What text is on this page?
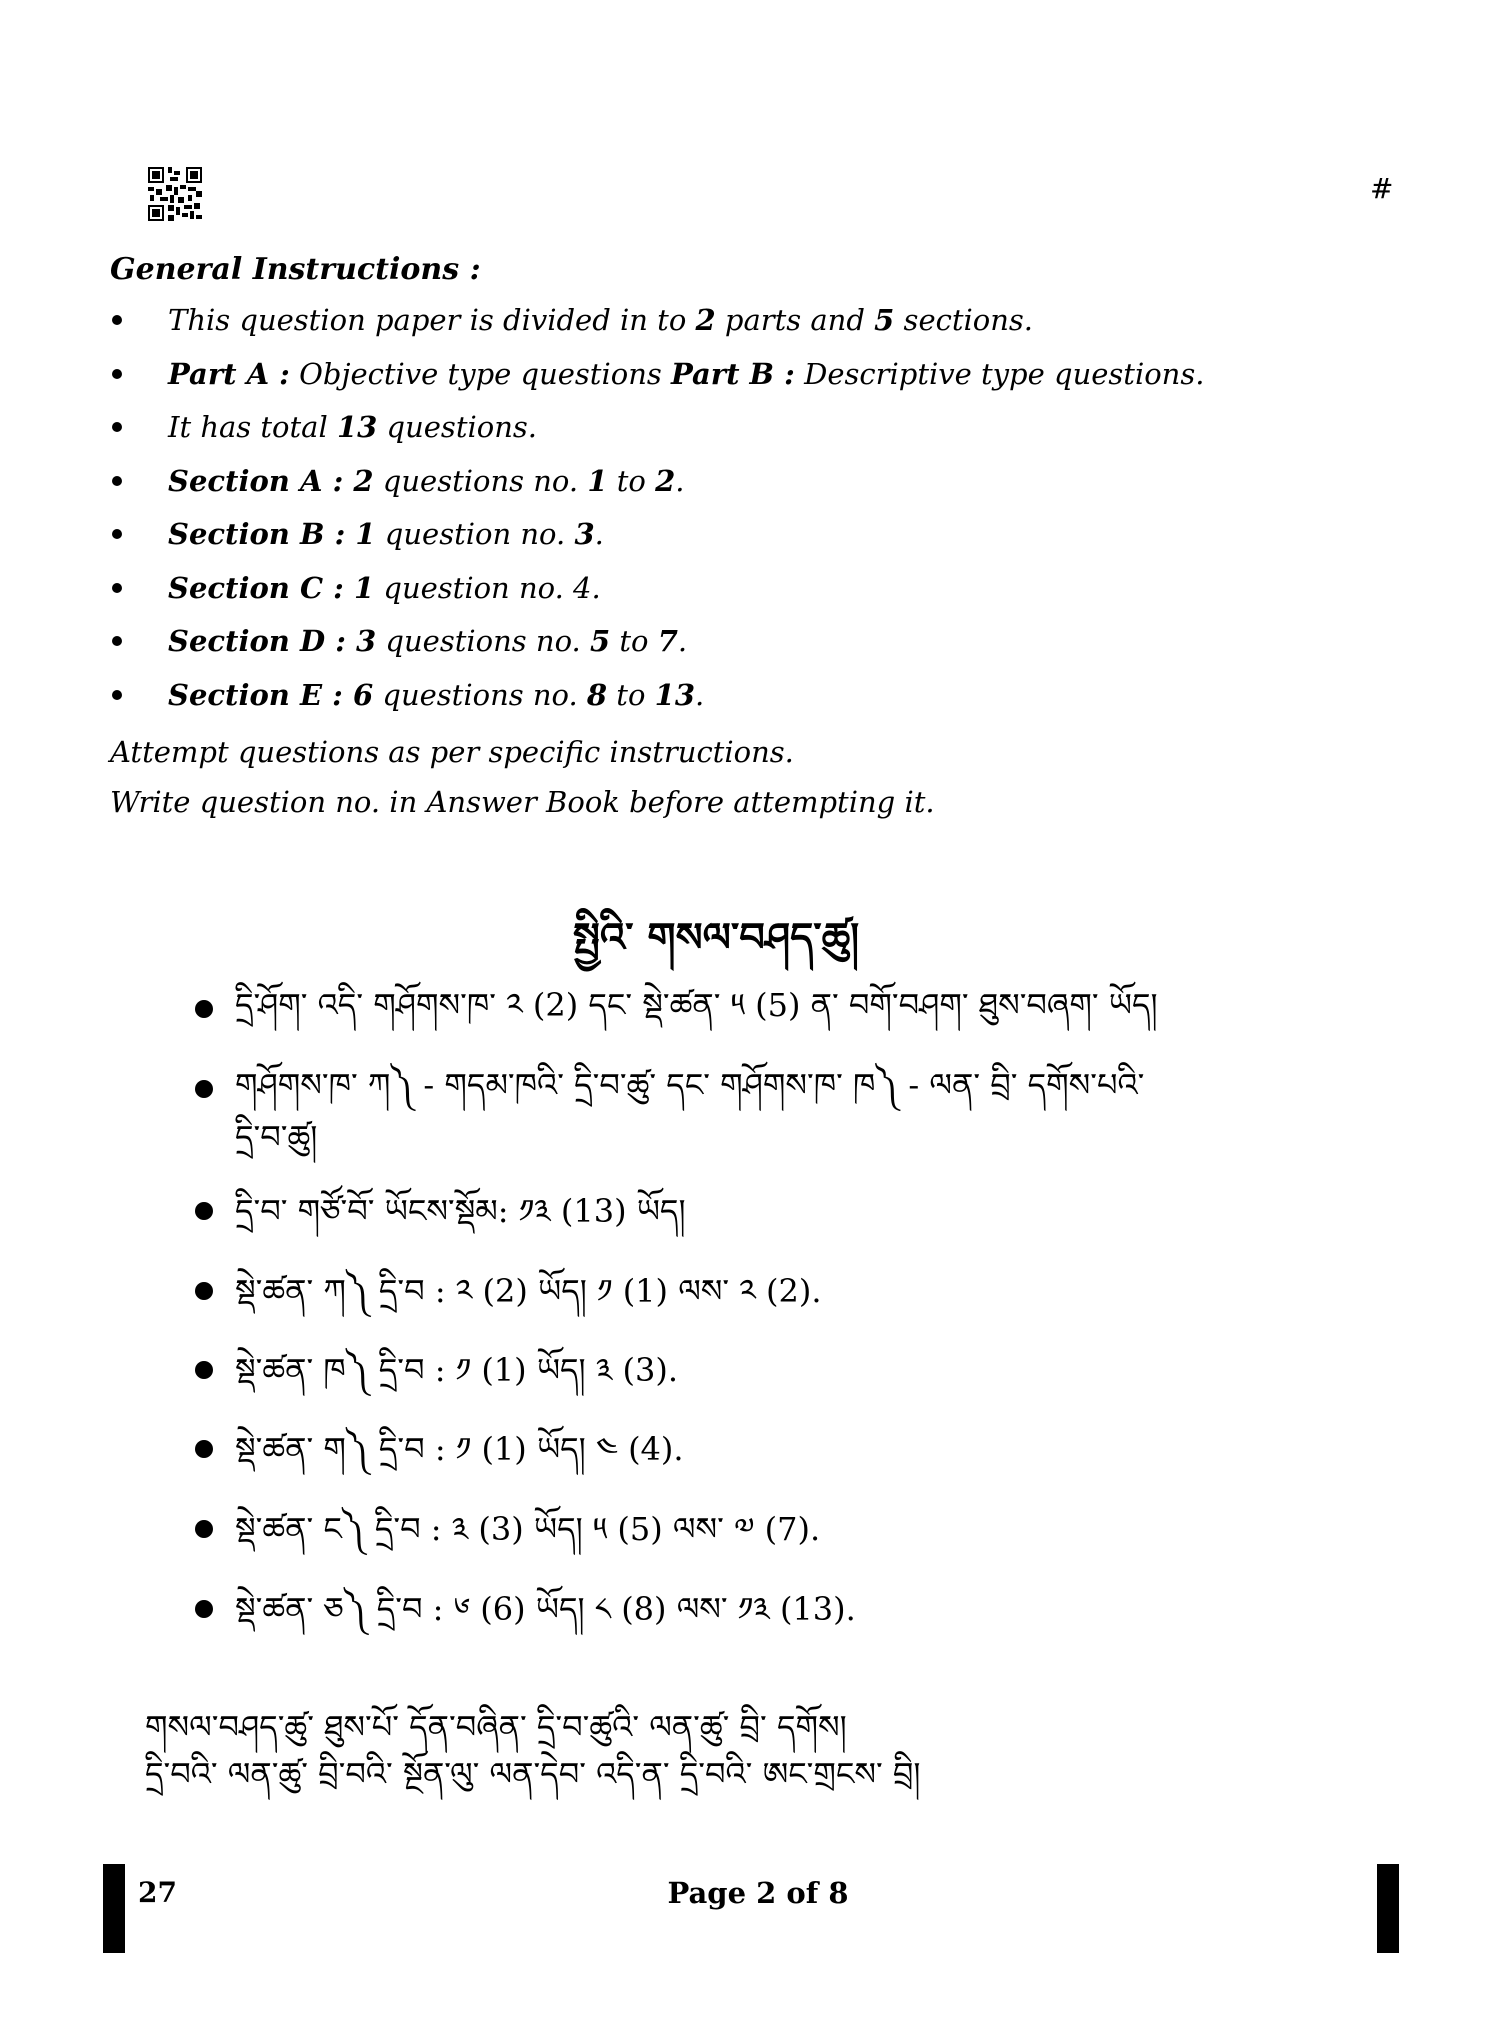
#
General Instructions :
This question paper is divided in to 2 parts and 5 sections.
Part A : Objective type questions Part B : Descriptive type questions.
It has total 13 questions.
Section A : 2 questions no. 1 to 2.
Section B : 1 question no. 3.
Section C : 1 question no. 4.
Section D : 3 questions no. 5 to 7.
Section E : 6 questions no. 8 to 13.
Attempt questions as per specific instructions.
Write question no. in Answer Book before attempting it.
སྤྱིའི་ གསལ་བཤད་ཚུ།
དྲི་ཤོག་ འདི་ གཤོགས་ཁ་ ༢ (2) དང་ སྡེ་ཚན་ ༥ (5) ན་ བགོ་བཤག་ ཐུས་བཞག་ ཡོད།
གཤོགས་ཁ་ ཀ༽ - གདམ་ཁའི་ དྲི་བ་ཚུ་ དང་ གཤོགས་ཁ་ ཁ༽ - ལན་ བྲི་ དགོས་པའི་
དྲི་བ་ཚུ།
དྲི་བ་ གཙོ་བོ་ ཡོངས་སྡོམ: ༡༣ (13) ཡོད།
སྡེ་ཚན་ ཀ༽ དྲི་བ : ༢ (2) ཡོད། ༡ (1) ལས་ ༢ (2).
སྡེ་ཚན་ ཁ༽ དྲི་བ : ༡ (1) ཡོད། ༣ (3).
སྡེ་ཚན་ ག༽ དྲི་བ : ༡ (1) ཡོད། ༤ (4).
སྡེ་ཚན་ ང༽ དྲི་བ : ༣ (3) ཡོད། ༥ (5) ལས་ ༧ (7).
སྡེ་ཚན་ ཅ༽ དྲི་བ : ༦ (6) ཡོད། ༨ (8) ལས་ ༡༣ (13).
གསལ་བཤད་ཚུ་ ཐུས་པོ་ དོན་བཞིན་ དྲི་བ་ཚུའི་ ལན་ཚུ་ བྲི་ དགོས།
དྲི་བའི་ ལན་ཚུ་ བྲི་བའི་ སྔོན་ལུ་ ལན་དེབ་ འདི་ན་ དྲི་བའི་ ཨང་གྲངས་ བྲི།
27	Page 2 of 8
